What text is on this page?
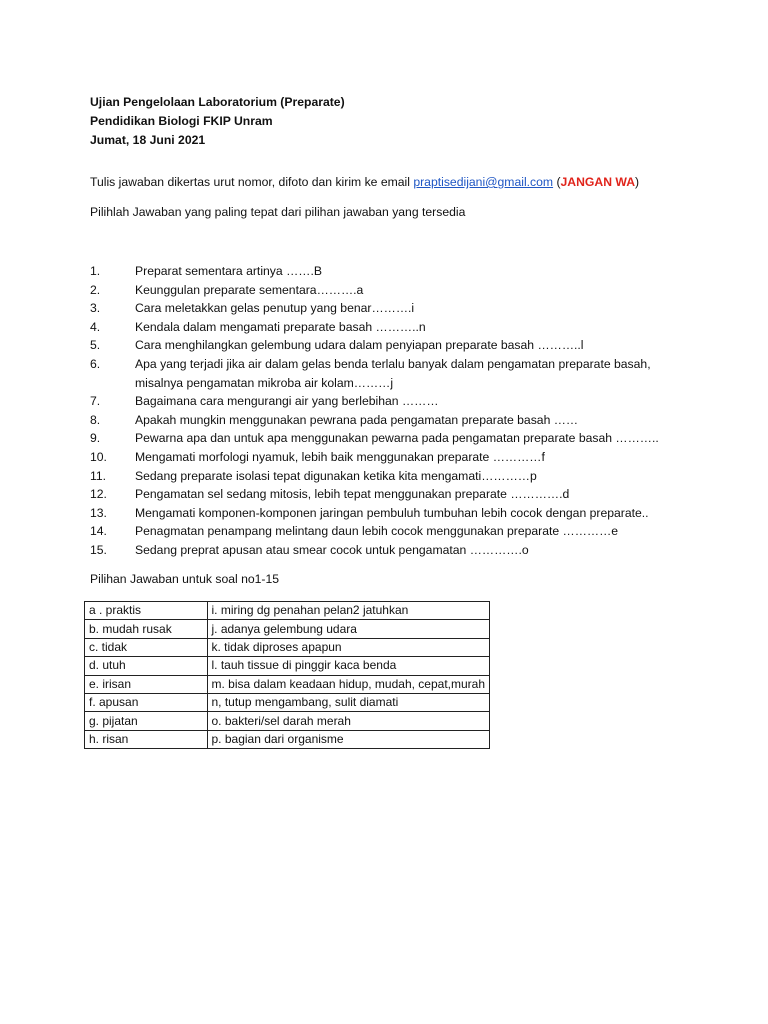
Ujian Pengelolaan Laboratorium (Preparate)
Pendidikan Biologi FKIP Unram
Jumat, 18 Juni 2021
Tulis jawaban dikertas urut nomor, difoto dan kirim ke email praptisedijani@gmail.com (JANGAN WA)
Pilihlah Jawaban yang paling tepat dari pilihan jawaban yang tersedia
1.	Preparat sementara artinya …….B
2.	Keunggulan preparate sementara……….a
3.	Cara meletakkan gelas penutup yang benar……….i
4.	Kendala dalam mengamati preparate basah ………..n
5.	Cara menghilangkan gelembung udara dalam penyiapan preparate basah ………..l
6.	Apa yang terjadi jika air dalam gelas benda terlalu banyak dalam pengamatan preparate basah, misalnya pengamatan mikroba air kolam………j
7.	Bagaimana cara mengurangi air yang berlebihan ………
8.	Apakah mungkin menggunakan pewrana pada pengamatan preparate basah ……
9.	Pewarna apa dan untuk apa menggunakan pewarna pada pengamatan preparate basah ………..
10.	Mengamati morfologi nyamuk, lebih baik menggunakan preparate …………f
11.	Sedang preparate isolasi tepat digunakan ketika kita mengamati…………p
12.	Pengamatan sel sedang mitosis, lebih tepat menggunakan preparate ………….d
13.	Mengamati komponen-komponen jaringan pembuluh tumbuhan lebih cocok dengan preparate..
14.	Penagmatan penampang melintang daun lebih cocok menggunakan preparate …………e
15.	Sedang preprat apusan atau smear cocok untuk pengamatan ………….o
Pilihan Jawaban untuk soal no1-15
a . praktis	i. miring dg penahan pelan2 jatuhkan
b. mudah rusak	j. adanya gelembung udara
c. tidak	k. tidak diproses apapun
d. utuh	l. tauh tissue di pinggir kaca benda
e. irisan	m. bisa dalam keadaan hidup, mudah, cepat,murah
f. apusan	n, tutup mengambang, sulit diamati
g. pijatan	o. bakteri/sel darah merah
h. risan	p. bagian dari organisme
